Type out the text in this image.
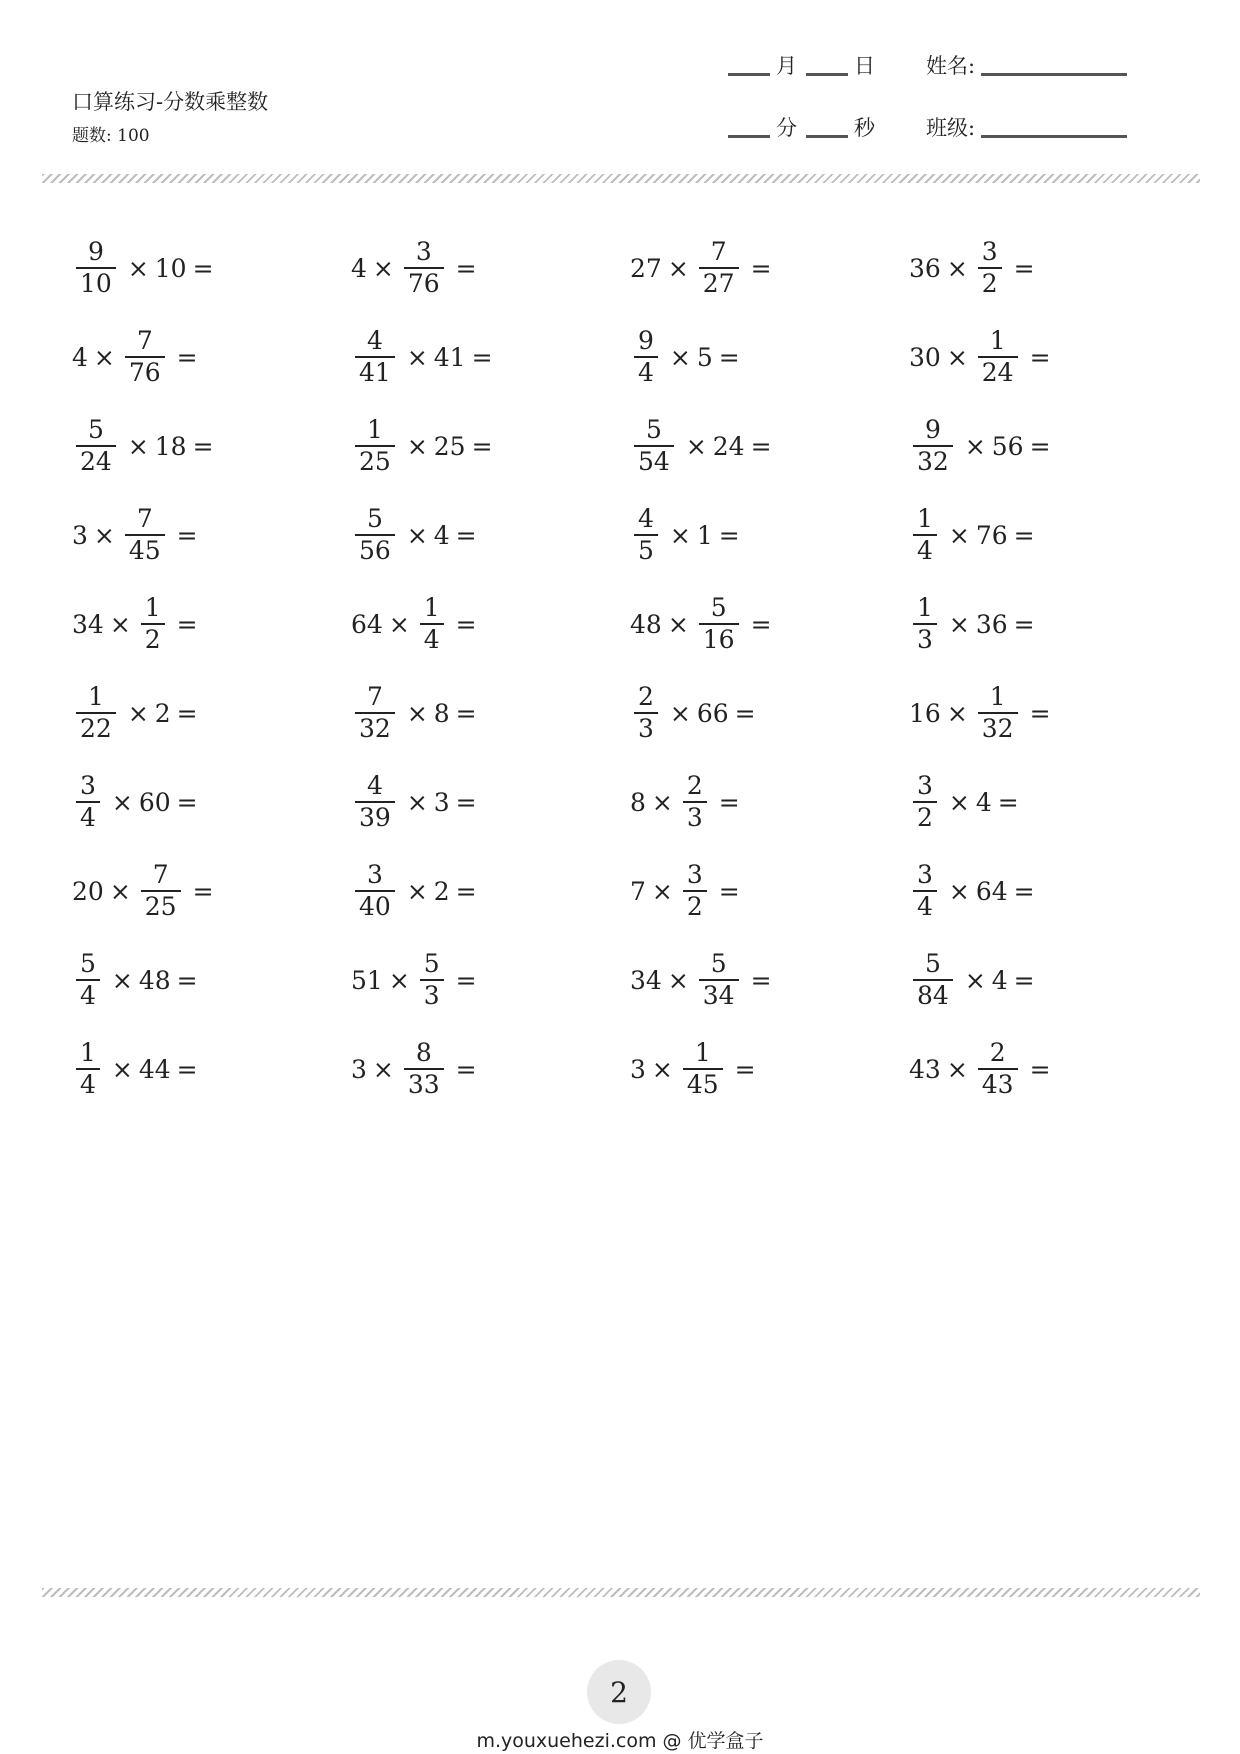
口算练习-分数乘整数
题数: 100
月	日 姓名:
分	秒 班级:
$\frac{9}{10} \times 10$ =	$4 \times \frac{3}{76}$ =	$27 \times \frac{7}{27}$ =	$36 \times \frac{3}{2}$ =
$4 \times \frac{7}{76}$ =	$\frac{4}{41} \times 41$ =	$\frac{9}{4} \times 5$ =	$30 \times \frac{1}{24}$ =
$\frac{5}{24} \times 18$ =	$\frac{1}{25} \times 25$ =	$\frac{5}{54} \times 24$ =	$\frac{9}{32} \times 56$ =
$3 \times \frac{7}{45}$ =	$\frac{5}{56} \times 4$ =	$\frac{4}{5} \times 1$ =	$\frac{1}{4} \times 76$ =
$34 \times \frac{1}{2}$ =	$64 \times \frac{1}{4}$ =	$48 \times \frac{5}{16}$ =	$\frac{1}{3} \times 36$ =
$\frac{1}{22} \times 2$ =	$\frac{7}{32} \times 8$ =	$\frac{2}{3} \times 66$ =	$16 \times \frac{1}{32}$ =
$\frac{3}{4} \times 60$ =	$\frac{4}{39} \times 3$ =	$8 \times \frac{2}{3}$ =	$\frac{3}{2} \times 4$ =
$20 \times \frac{7}{25}$ =	$\frac{3}{40} \times 2$ =	$7 \times \frac{3}{2}$ =	$\frac{3}{4} \times 64$ =
$\frac{5}{4} \times 48$ =	$51 \times \frac{5}{3}$ =	$34 \times \frac{5}{34}$ =	$\frac{5}{84} \times 4$ =
$\frac{1}{4} \times 44$ =	$3 \times \frac{8}{33}$ =	$3 \times \frac{1}{45}$ =	$43 \times \frac{2}{43}$ =
2
m.youxuehezi.com @ 优学盒子
